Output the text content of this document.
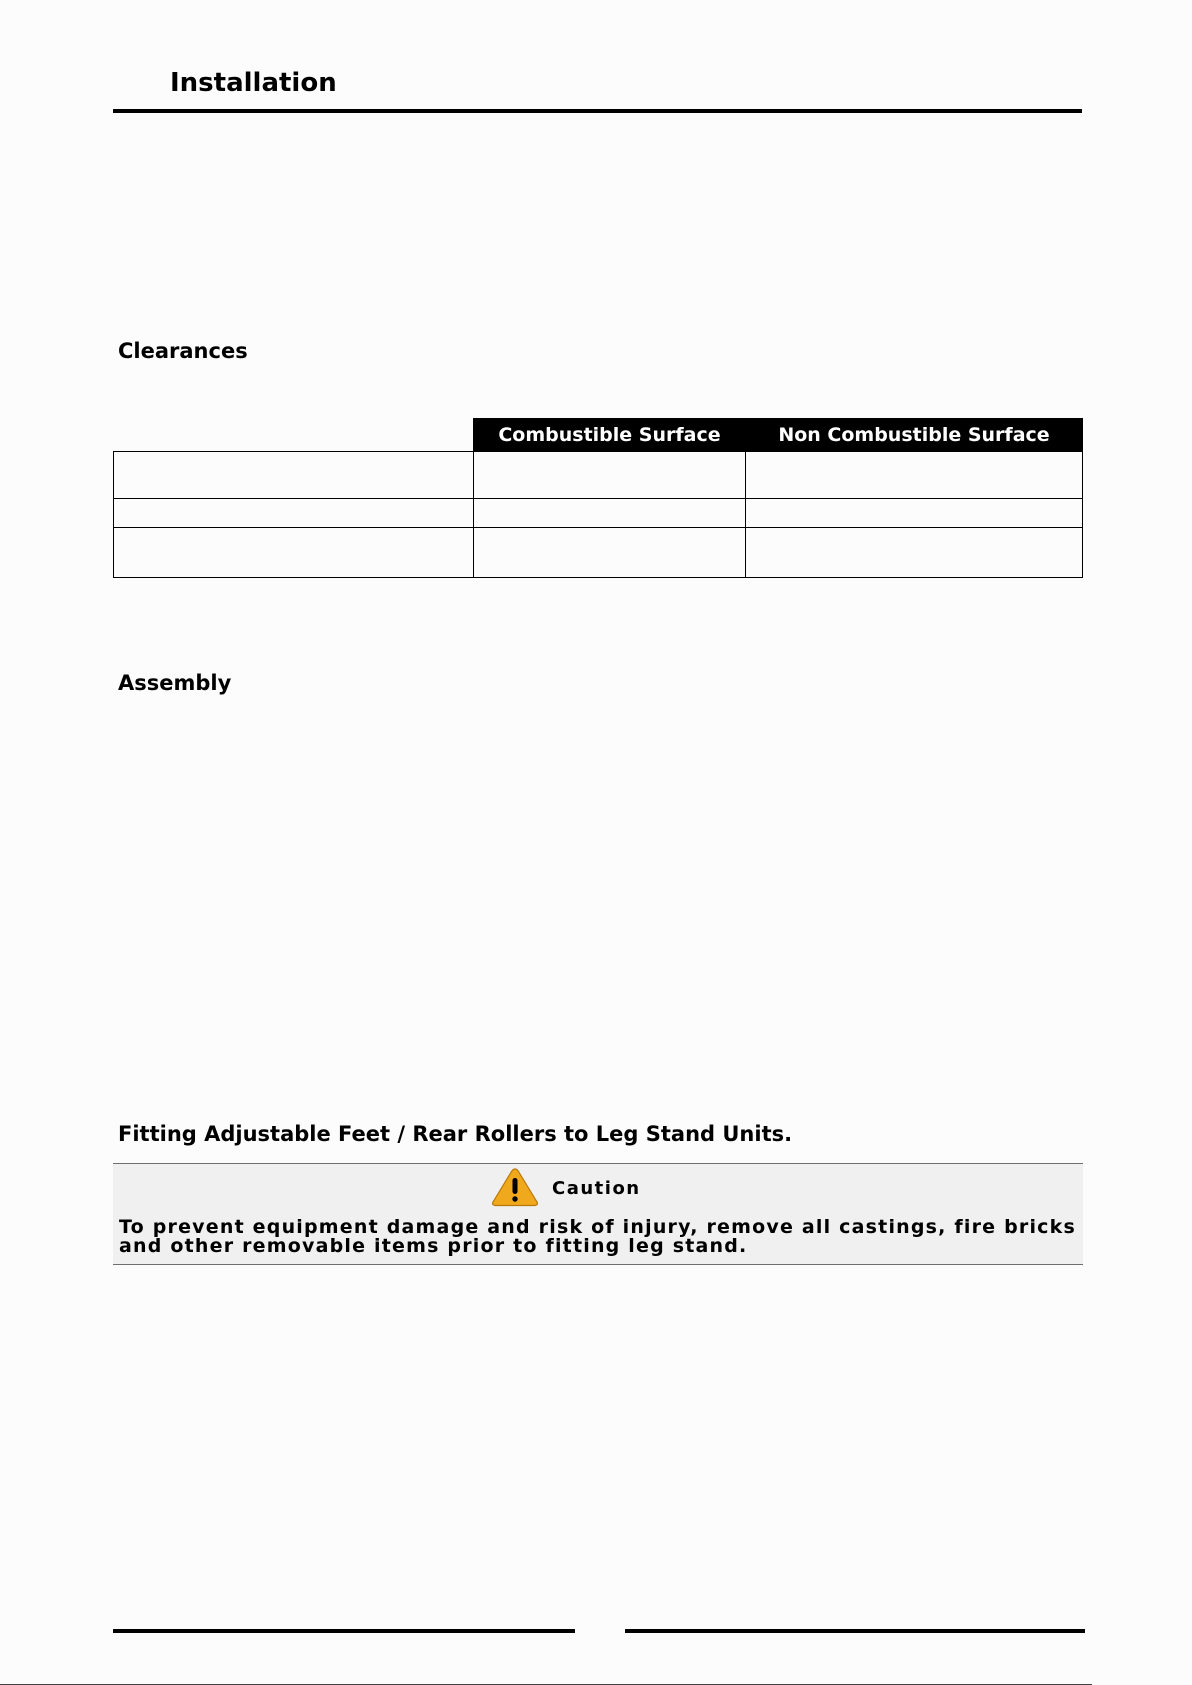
Installation
Clearances
	Combustible Surface	Non Combustible Surface

Assembly
Fitting Adjustable Feet / Rear Rollers to Leg Stand Units.
Caution
To prevent equipment damage and risk of injury, remove all castings, fire bricks and other removable items prior to fitting leg stand.
